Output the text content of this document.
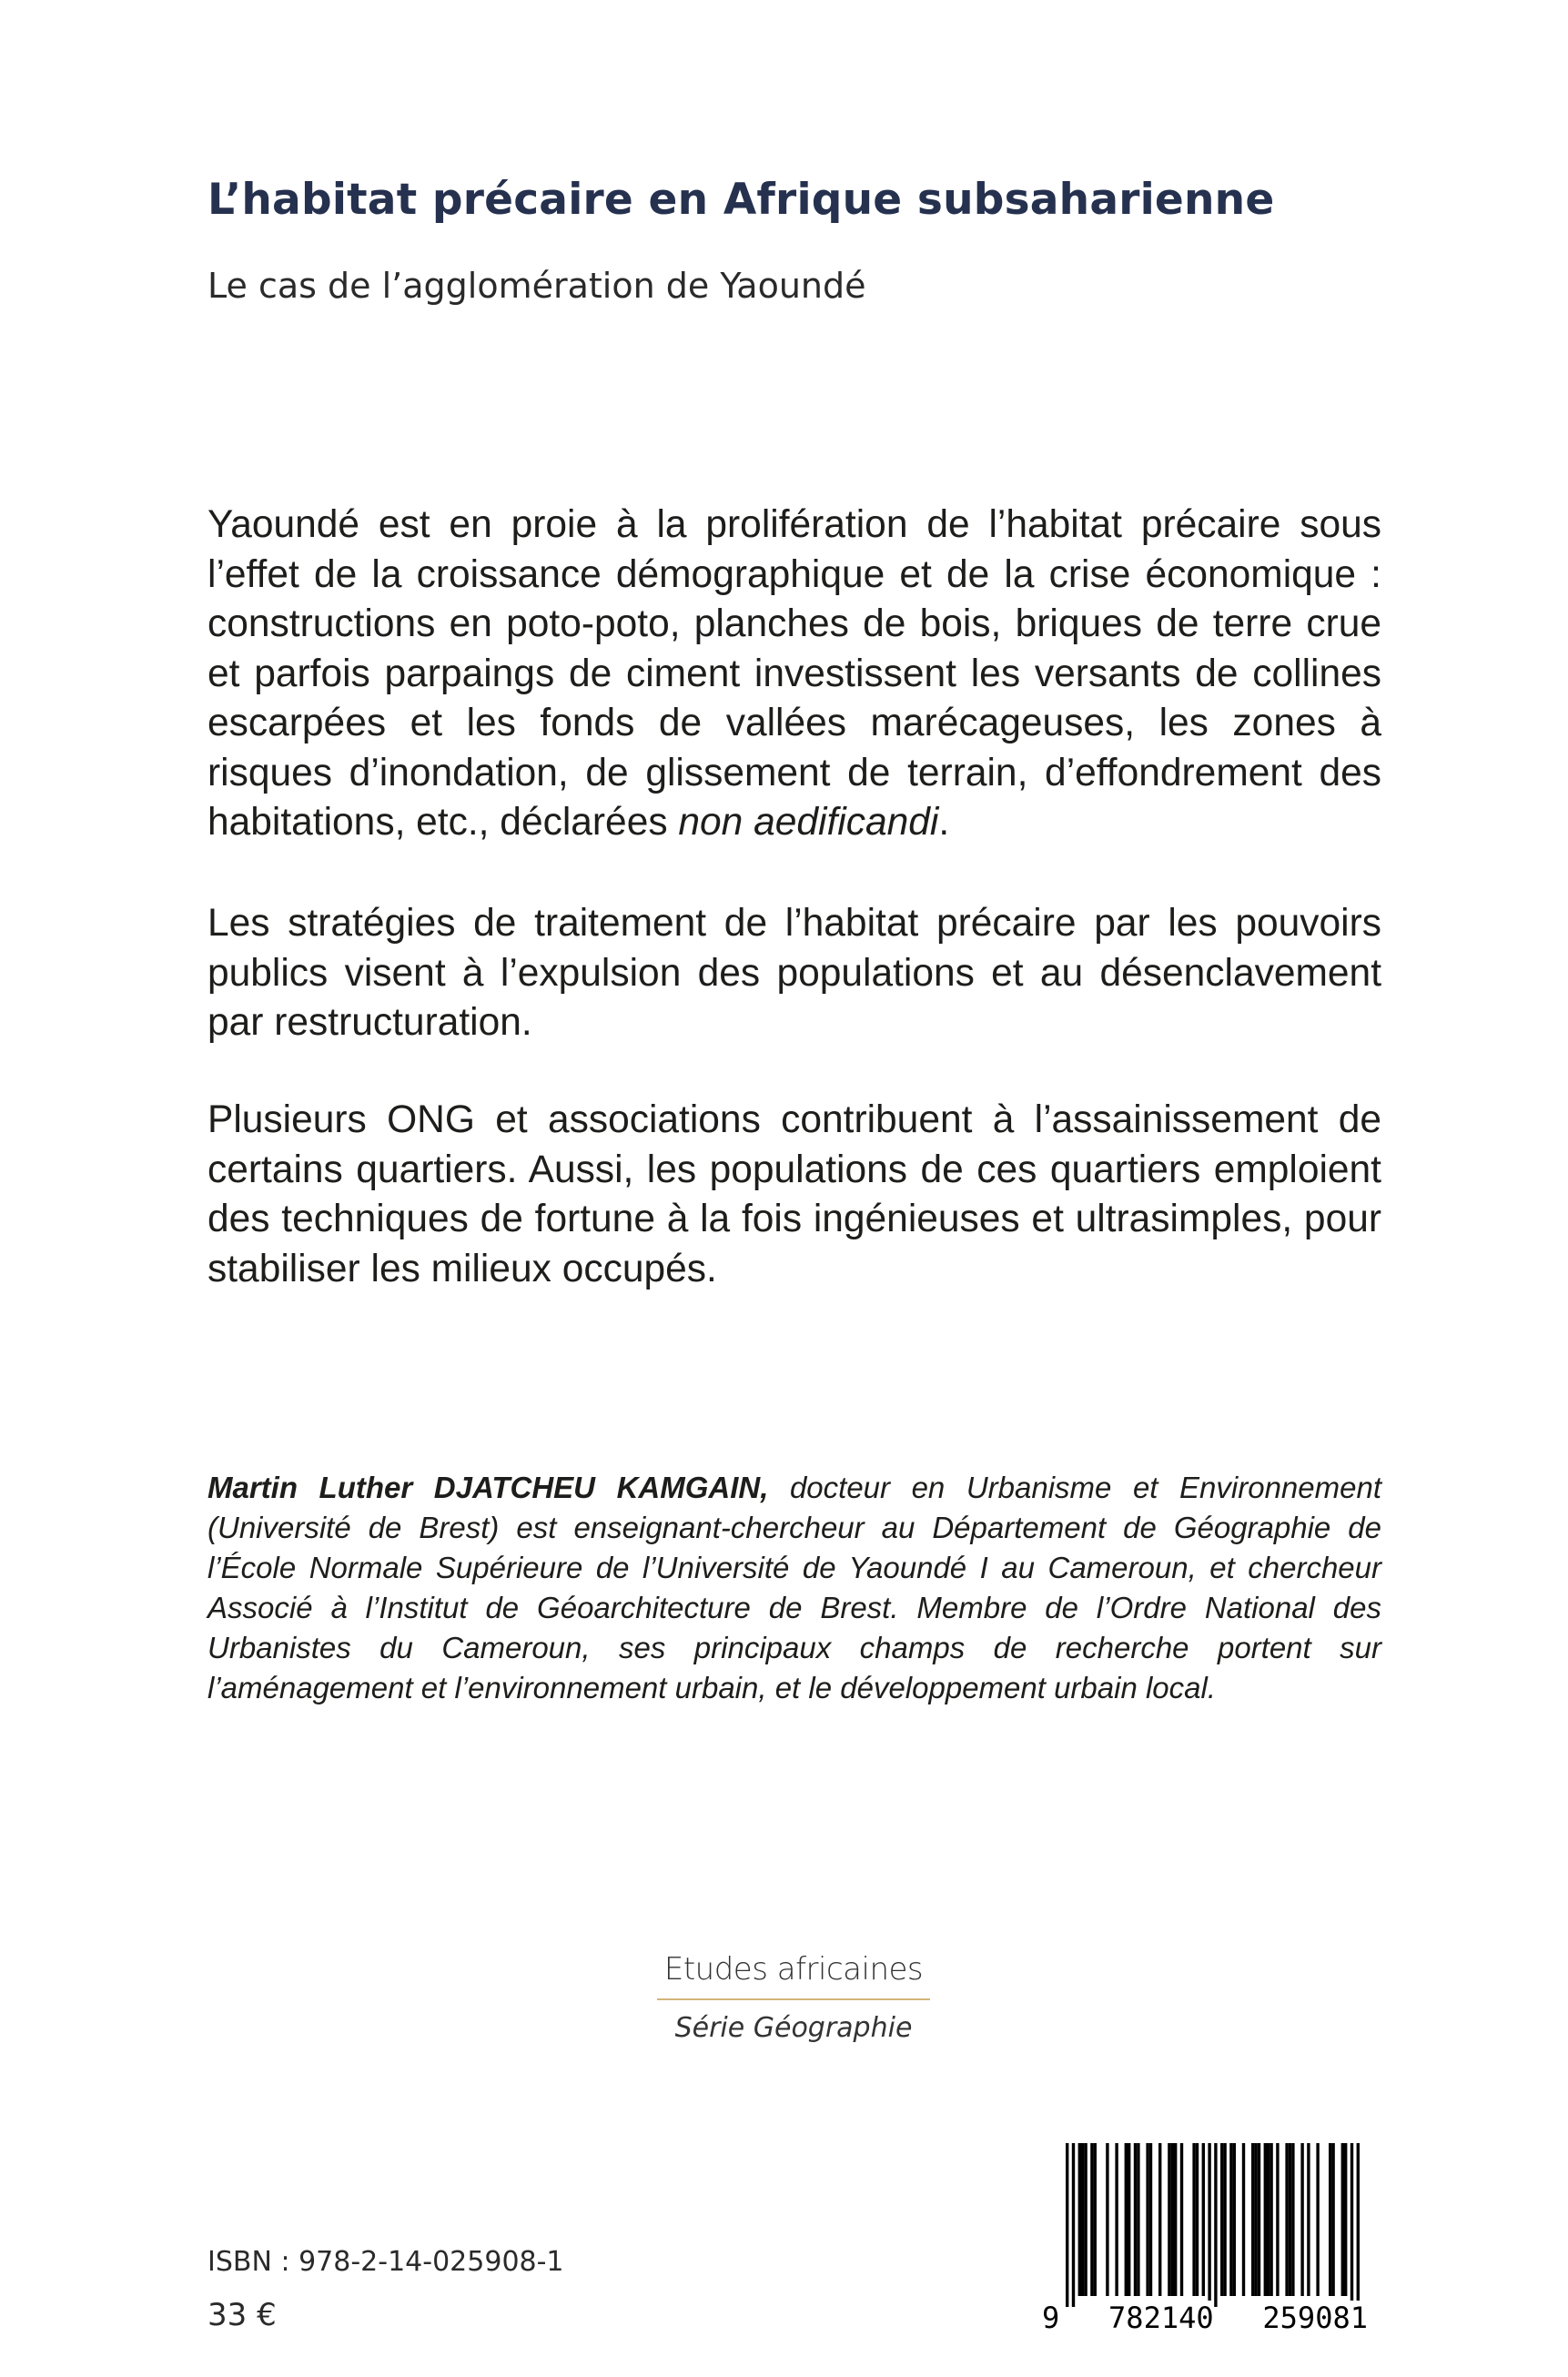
L’habitat précaire en Afrique subsaharienne
Le cas de l’agglomération de Yaoundé

Yaoundé est en proie à la prolifération de l’habitat précaire sous l’effet de la croissance démographique et de la crise économique : constructions en poto-poto, planches de bois, briques de terre crue et parfois parpaings de ciment investissent les versants de collines escarpées et les fonds de vallées marécageuses, les zones à risques d’inondation, de glissement de terrain, d’effondrement des habitations, etc., déclarées non aedificandi.

Les stratégies de traitement de l’habitat précaire par les pouvoirs publics visent à l’expulsion des populations et au désenclavement par restructuration.

Plusieurs ONG et associations contribuent à l’assainissement de certains quartiers. Aussi, les populations de ces quartiers emploient des techniques de fortune à la fois ingénieuses et ultrasimples, pour stabiliser les milieux occupés.

Martin Luther DJATCHEU KAMGAIN, docteur en Urbanisme et Environnement (Université de Brest) est enseignant-chercheur au Département de Géographie de l’École Normale Supérieure de l’Université de Yaoundé I au Cameroun, et chercheur Associé à l’Institut de Géoarchitecture de Brest. Membre de l’Ordre National des Urbanistes du Cameroun, ses principaux champs de recherche portent sur l’aménagement et l’environnement urbain, et le développement urbain local.

Etudes africaines
Série Géographie
ISBN : 978-2-14-025908-1
33 €	9 782140 259081
